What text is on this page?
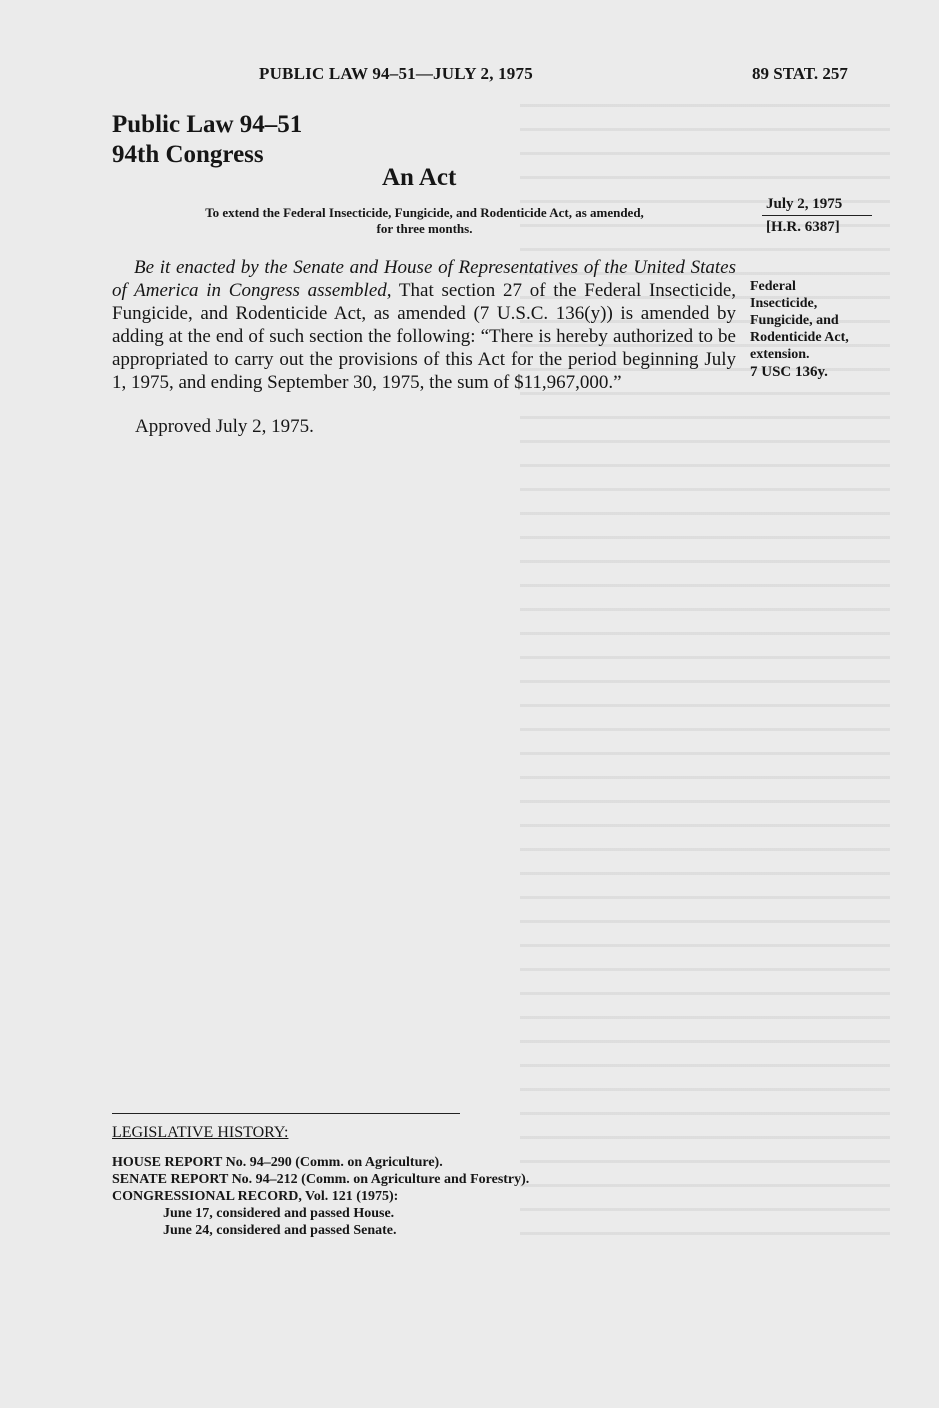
PUBLIC LAW 94–51—JULY 2, 1975	89 STAT. 257
Public Law 94–51
94th Congress
An Act
To extend the Federal Insecticide, Fungicide, and Rodenticide Act, as amended,
for three months.
July 2, 1975
[H.R. 6387]
Be it enacted by the Senate and House of Representatives of the United States of America in Congress assembled, That section 27 of the Federal Insecticide, Fungicide, and Rodenticide Act, as amended (7 U.S.C. 136(y)) is amended by adding at the end of such section the following: “There is hereby authorized to be appropriated to carry out the provisions of this Act for the period beginning July 1, 1975, and ending September 30, 1975, the sum of $11,967,000.”
Federal
Insecticide,
Fungicide, and
Rodenticide Act,
extension.
7 USC 136y.
Approved July 2, 1975.
LEGISLATIVE HISTORY:
HOUSE REPORT No. 94–290 (Comm. on Agriculture).
SENATE REPORT No. 94–212 (Comm. on Agriculture and Forestry).
CONGRESSIONAL RECORD, Vol. 121 (1975):
June 17, considered and passed House.
June 24, considered and passed Senate.
